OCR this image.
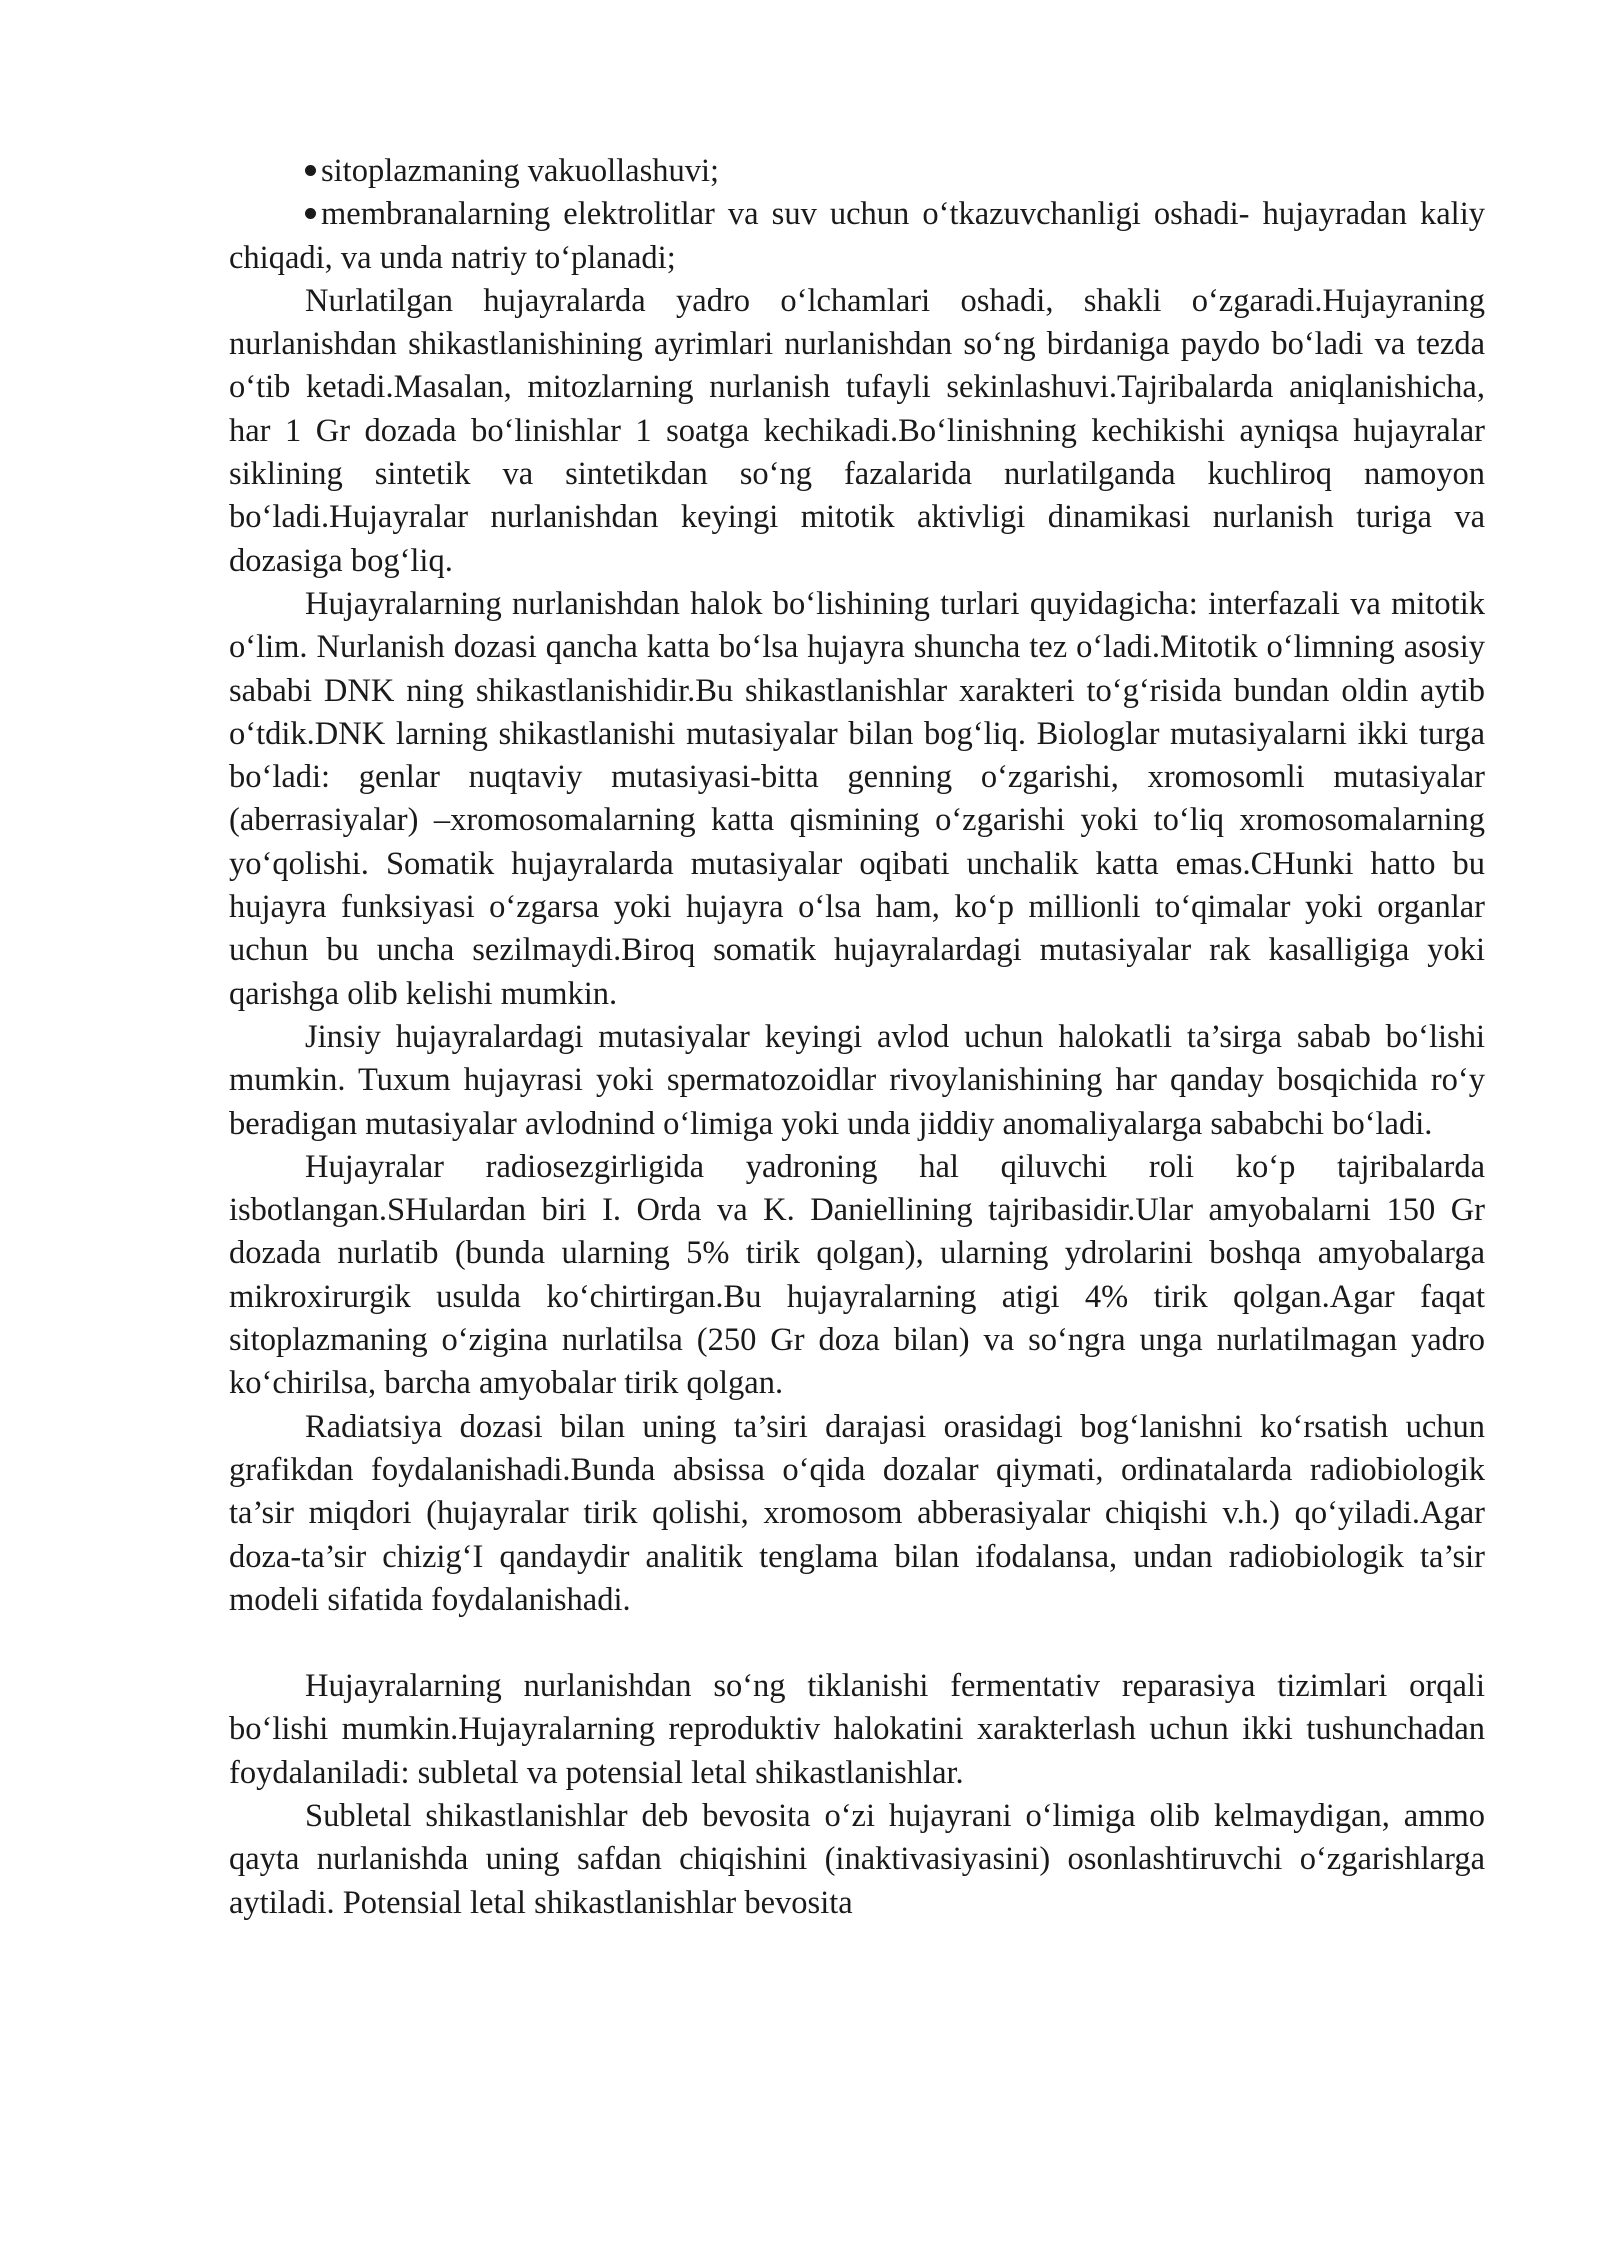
sitoplazmaning vakuollashuvi;

membranalarning elektrolitlar va suv uchun o‘tkazuvchanligi oshadi- hujayradan kaliy chiqadi, va unda natriy to‘planadi;

Nurlatilgan hujayralarda yadro o‘lchamlari oshadi, shakli o‘zgaradi.Hujayraning nurlanishdan shikastlanishining ayrimlari nurlanishdan so‘ng birdaniga paydo bo‘ladi va tezda o‘tib ketadi.Masalan, mitozlarning nurlanish tufayli sekinlashuvi.Tajribalarda aniqlanishicha, har 1 Gr dozada bo‘linishlar 1 soatga kechikadi.Bo‘linishning kechikishi ayniqsa hujayralar siklining sintetik va sintetikdan so‘ng fazalarida nurlatilganda kuchliroq namoyon bo‘ladi.Hujayralar nurlanishdan keyingi mitotik aktivligi dinamikasi nurlanish turiga va dozasiga bog‘liq.

Hujayralarning nurlanishdan halok bo‘lishining turlari quyidagicha: interfazali va mitotik o‘lim. Nurlanish dozasi qancha katta bo‘lsa hujayra shuncha tez o‘ladi.Mitotik o‘limning asosiy sababi DNK ning shikastlanishidir.Bu shikastlanishlar xarakteri to‘g‘risida bundan oldin aytib o‘tdik.DNK larning shikastlanishi mutasiyalar bilan bog‘liq. Biologlar mutasiyalarni ikki turga bo‘ladi: genlar nuqtaviy mutasiyasi-bitta genning o‘zgarishi, xromosomli mutasiyalar (aberrasiyalar) –xromosomalarning katta qismining o‘zgarishi yoki to‘liq xromosomalarning yo‘qolishi. Somatik hujayralarda mutasiyalar oqibati unchalik katta emas.CHunki hatto bu hujayra funksiyasi o‘zgarsa yoki hujayra o‘lsa ham, ko‘p millionli to‘qimalar yoki organlar uchun bu uncha sezilmaydi.Biroq somatik hujayralardagi mutasiyalar rak kasalligiga yoki qarishga olib kelishi mumkin.

Jinsiy hujayralardagi mutasiyalar keyingi avlod uchun halokatli ta’sirga sabab bo‘lishi mumkin. Tuxum hujayrasi yoki spermatozoidlar rivoylanishining har qanday bosqichida ro‘y beradigan mutasiyalar avlodnind o‘limiga yoki unda jiddiy anomaliyalarga sababchi bo‘ladi.

Hujayralar radiosezgirligida yadroning hal qiluvchi roli ko‘p tajribalarda isbotlangan.SHulardan biri I. Orda va K. Daniellining tajribasidir.Ular amyobalarni 150 Gr dozada nurlatib (bunda ularning 5% tirik qolgan), ularning ydrolarini boshqa amyobalarga mikroxirurgik usulda ko‘chirtirgan.Bu hujayralarning atigi 4% tirik qolgan.Agar faqat sitoplazmaning o‘zigina nurlatilsa (250 Gr doza bilan) va so‘ngra unga nurlatilmagan yadro ko‘chirilsa, barcha amyobalar tirik qolgan.

Radiatsiya dozasi bilan uning ta’siri darajasi orasidagi bog‘lanishni ko‘rsatish uchun grafikdan foydalanishadi.Bunda absissa o‘qida dozalar qiymati, ordinatalarda radiobiologik ta’sir miqdori (hujayralar tirik qolishi, xromosom abberasiyalar chiqishi v.h.) qo‘yiladi.Agar doza-ta’sir chizig‘I qandaydir analitik tenglama bilan ifodalansa, undan radiobiologik ta’sir modeli sifatida foydalanishadi.

Hujayralarning nurlanishdan so‘ng tiklanishi fermentativ reparasiya tizimlari orqali bo‘lishi mumkin.Hujayralarning reproduktiv halokatini xarakterlash uchun ikki tushunchadan foydalaniladi: subletal va potensial letal shikastlanishlar.

Subletal shikastlanishlar deb bevosita o‘zi hujayrani o‘limiga olib kelmaydigan, ammo qayta nurlanishda uning safdan chiqishini (inaktivasiyasini) osonlashtiruvchi o‘zgarishlarga aytiladi. Potensial letal shikastlanishlar bevosita
